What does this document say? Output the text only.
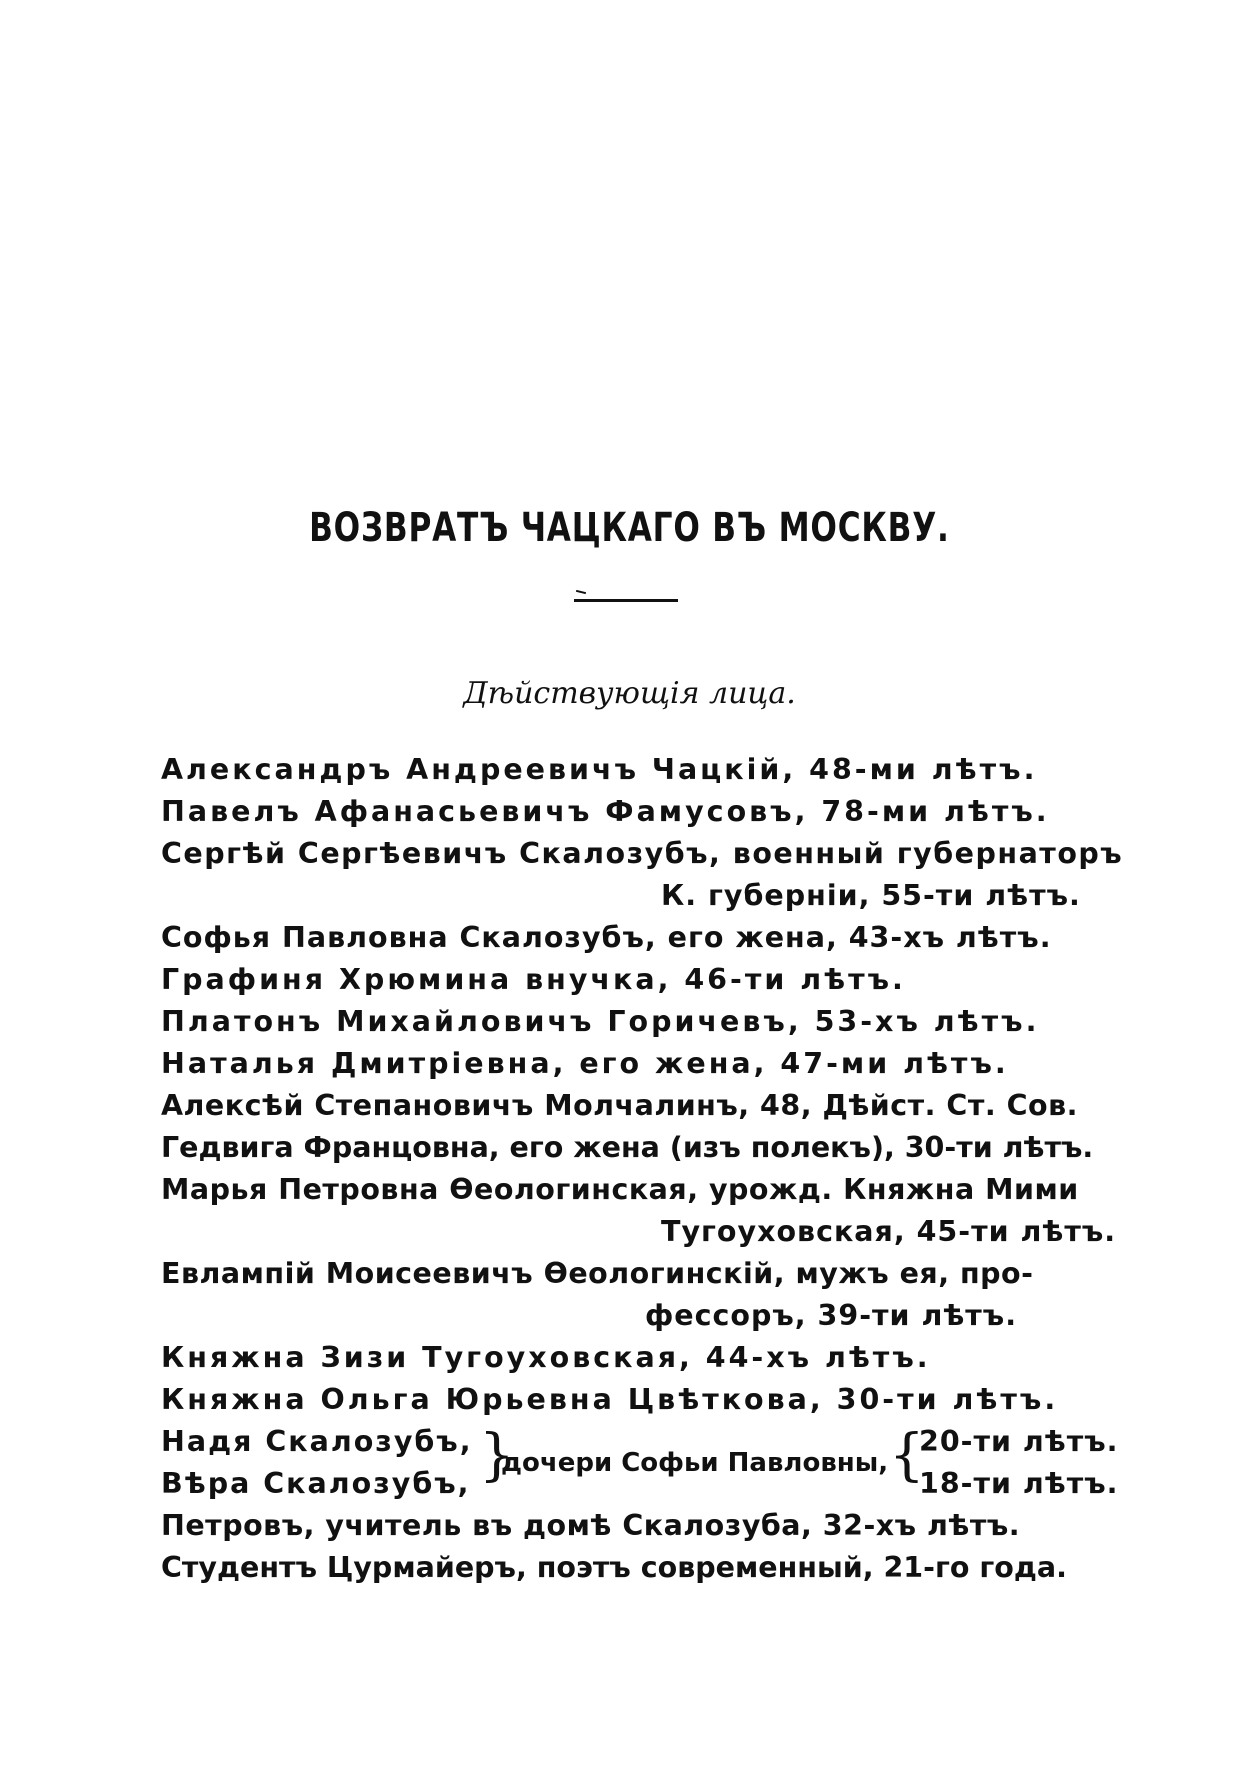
ВОЗВРАТЪ ЧАЦКАГО ВЪ МОСКВУ.
Дѣйствующія лица.
Александръ Андреевичъ Чацкій, 48-ми лѣтъ.
Павелъ Афанасьевичъ Фамусовъ, 78-ми лѣтъ.
Сергѣй Сергѣевичъ Скалозубъ, военный губернаторъ
К. губерніи, 55-ти лѣтъ.
Софья Павловна Скалозубъ, его жена, 43-хъ лѣтъ.
Графиня Хрюмина внучка, 46-ти лѣтъ.
Платонъ Михайловичъ Горичевъ, 53-хъ лѣтъ.
Наталья Дмитріевна, его жена, 47-ми лѣтъ.
Алексѣй Степановичъ Молчалинъ, 48, Дѣйст. Ст. Сов.
Гедвига Францовна, его жена (изъ полекъ), 30-ти лѣтъ.
Марья Петровна Өеологинская, урожд. Княжна Мими
Тугоуховская, 45-ти лѣтъ.
Евлампій Моисеевичъ Өеологинскій, мужъ ея, про-
фессоръ, 39-ти лѣтъ.
Княжна Зизи Тугоуховская, 44-хъ лѣтъ.
Княжна Ольга Юрьевна Цвѣткова, 30-ти лѣтъ.
Надя Скалозубъ,
Вѣра Скалозубъ, }
дочери Софьи Павловны, {
20-ти лѣтъ.
18-ти лѣтъ.
Петровъ, учитель въ домѣ Скалозуба, 32-хъ лѣтъ.
Студентъ Цурмайеръ, поэтъ современный, 21-го года.
